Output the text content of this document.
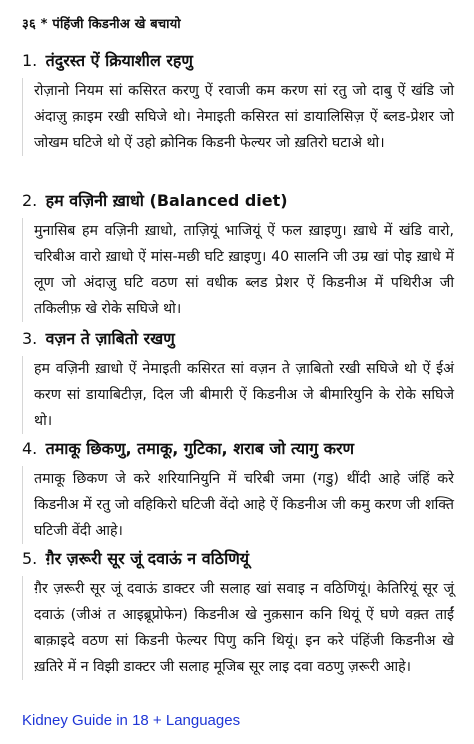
३६ * पंहिंजी किडनीअ खे बचायो
1. तंदुरस्त ऐं क्रियाशील रहणु

रोज़ानो नियम सां कसिरत करणु ऐं रवाजी कम करण सां रतु जो दाबु ऐं खंडि जो अंदाज़ु क़ाइम रखी सघिजे थो। नेमाइती कसिरत सां डायालिसिज़ ऐं ब्लड-प्रेशर जो जोखम घटिजे थो ऐं उहो क्रोनिक किडनी फेल्यर जो ख़तिरो घटाअे थो।

2. हम वज़िनी ख़ाधो (Balanced diet)

मुनासिब हम वज़िनी ख़ाधो, ताज़ियूं भाजियूं ऐं फल ख़ाइणु। ख़ाधे में खंडि वारो, चरिबीअ वारो ख़ाधो ऐं मांस-मछी घटि ख़ाइणु। 40 सालनि जी उम्र खां पोइ ख़ाधे में लूण जो अंदाज़ु घटि वठण सां वधीक ब्लड प्रेशर ऐं किडनीअ में पथिरीअ जी तकिलीफ़ खे रोके सघिजे थो।

3. वज़न ते ज़ाबितो रखणु

हम वज़िनी ख़ाधो ऐं नेमाइती कसिरत सां वज़न ते ज़ाबितो रखी सघिजे थो ऐं ईअं करण सां डायाबिटीज़, दिल जी बीमारी ऐं किडनीअ जे बीमारियुनि के रोके सघिजे थो।

4. तमाकू छिकणु, तमाकू, गुटिका, शराब जो त्यागु करण

तमाकू छिकण जे करे शरियानियुनि में चरिबी जमा (गडु) थींदी आहे जंहिं करे किडनीअ में रतु जो वहिकिरो घटिजी वेंदो आहे ऐं किडनीअ जी कमु करण जी शक्ति घटिजी वेंदी आहे।

5. ग़ैर ज़रूरी सूर जूं दवाऊं न वठिणियूं

ग़ैर ज़रूरी सूर जूं दवाऊं डाक्टर जी सलाह खां सवाइ न वठिणियूं। केतिरियूं सूर जूं दवाऊं (जीअं त आइब्रूप्रोफेन) किडनीअ खे नुक़सान कनि थियूं ऐं घणे वक़्त ताईं बाक़ाइदे वठण सां किडनी फेल्यर पिणु कनि थियूं। इन करे पंहिंजी किडनीअ खे ख़तिरे में न विझी डाक्टर जी सलाह मूजिब सूर लाइ दवा वठणु ज़रूरी आहे।

Kidney Guide in 18 + Languages
